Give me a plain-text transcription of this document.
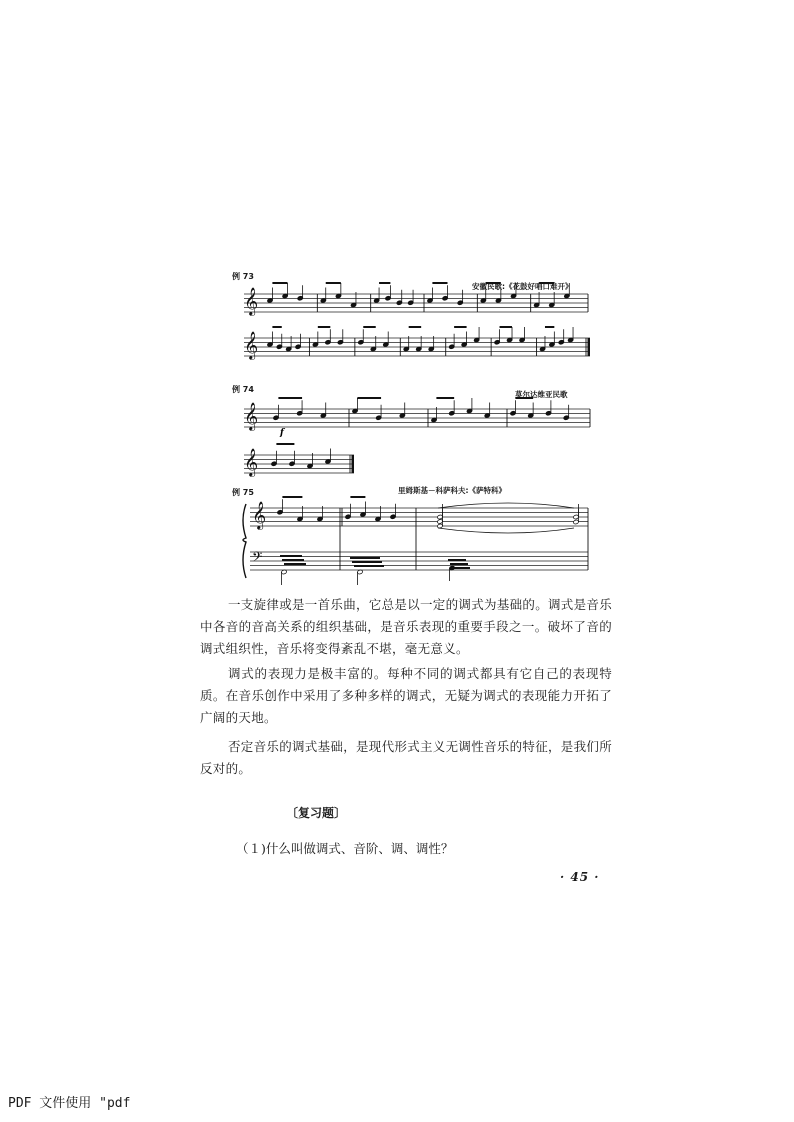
例 73
安徽民歌:《花鼓好唱口难开》
𝄞
𝄞
例 74
莫尔达维亚民歌
𝄞
f
𝄞
例 75	里姆斯基－科萨科夫:《萨特科》
𝄞
𝄢
一支旋律或是一首乐曲，它总是以一定的调式为基础的。调式是音乐中各音的音高关系的组织基础，是音乐表现的重要手段之一。破坏了音的调式组织性，音乐将变得紊乱不堪，毫无意义。
调式的表现力是极丰富的。每种不同的调式都具有它自己的表现特质。在音乐创作中采用了多种多样的调式，无疑为调式的表现能力开拓了广阔的天地。
否定音乐的调式基础，是现代形式主义无调性音乐的特征，是我们所反对的。
〔复习题〕
（１)什么叫做调式、音阶、调、调性？
· 45 ·
PDF 文件使用 "pdf
